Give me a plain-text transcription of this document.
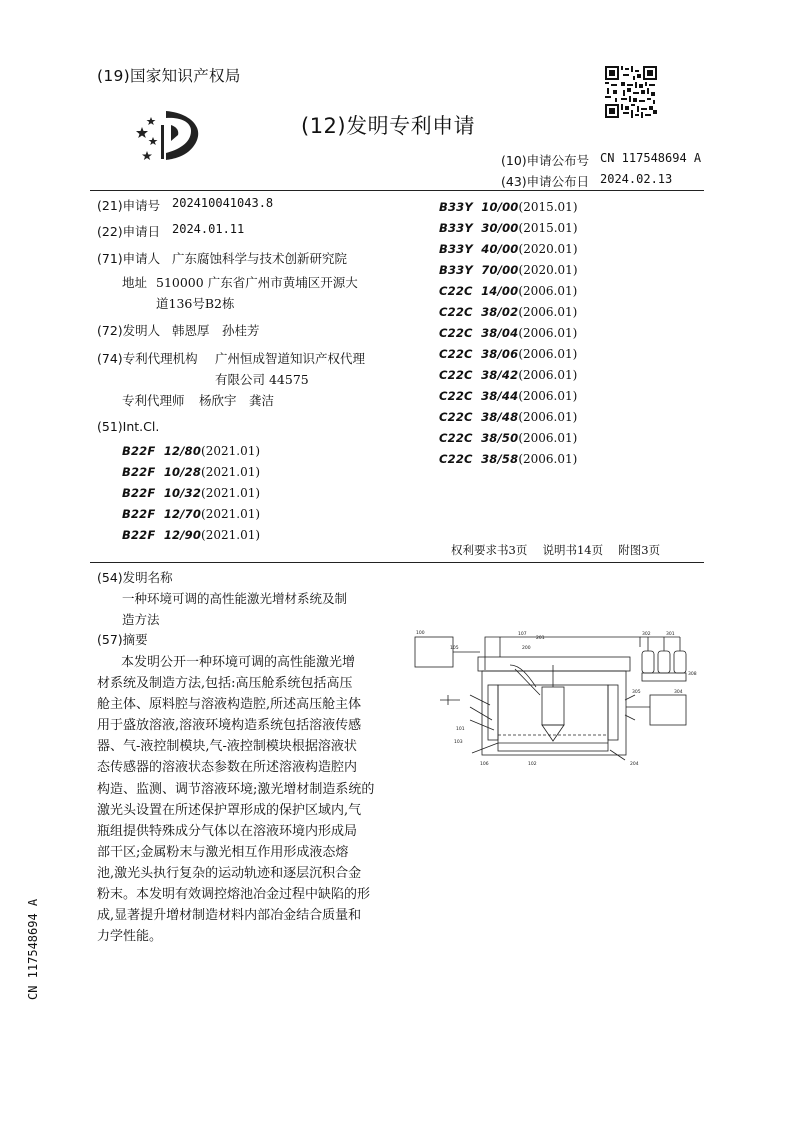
(19)国家知识产权局
(12)发明专利申请
(10)申请公布号 CN 117548694 A
(43)申请公布日 2024.02.13
(21)申请号 202410041043.8
(22)申请日 2024.01.11
(71)申请人 广东腐蚀科学与技术创新研究院
地址 510000 广东省广州市黄埔区开源大
道136号B2栋
(72)发明人 韩恩厚　孙桂芳
(74)专利代理机构 广州恒成智道知识产权代理
有限公司 44575
专利代理师 杨欣宇　龚洁
(51)Int.Cl.
B22F  12/80(2021.01)
B22F  10/28(2021.01)
B22F  10/32(2021.01)
B22F  12/70(2021.01)
B22F  12/90(2021.01)
B33Y  10/00(2015.01)
B33Y  30/00(2015.01)
B33Y  40/00(2020.01)
B33Y  70/00(2020.01)
C22C  14/00(2006.01)
C22C  38/02(2006.01)
C22C  38/04(2006.01)
C22C  38/06(2006.01)
C22C  38/42(2006.01)
C22C  38/44(2006.01)
C22C  38/48(2006.01)
C22C  38/50(2006.01)
C22C  38/58(2006.01)
权利要求书3页　 说明书14页　 附图3页
(54)发明名称
一种环境可调的高性能激光增材系统及制
造方法
(57)摘要

本发明公开一种环境可调的高性能激光增

材系统及制造方法,包括:高压舱系统包括高压

舱主体、原料腔与溶液构造腔,所述高压舱主体

用于盛放溶液,溶液环境构造系统包括溶液传感

器、气-液控制模块,气-液控制模块根据溶液状

态传感器的溶液状态参数在所述溶液构造腔内

构造、监测、调节溶液环境;激光增材制造系统的

激光头设置在所述保护罩形成的保护区域内,气

瓶组提供特殊成分气体以在溶液环境内形成局

部干区;金属粉末与激光相互作用形成液态熔

池,激光头执行复杂的运动轨迹和逐层沉积合金

粉末。本发明有效调控熔池冶金过程中缺陷的形

成,显著提升增材制造材料内部冶金结合质量和

力学性能。

CN 117548694 A
100
105
107
201
200
302	301
308
305	304
101
103
106	102	204
